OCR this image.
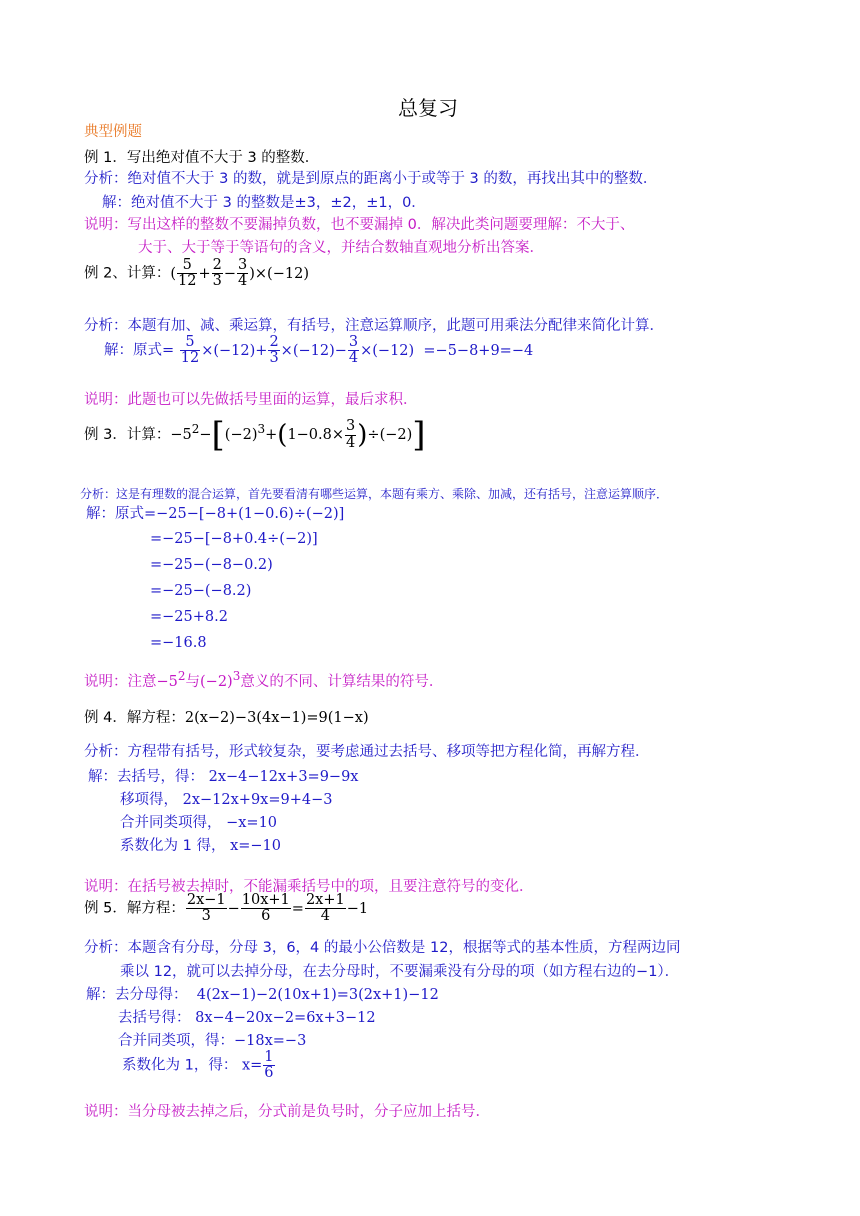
总复习
典型例题
例 1．写出绝对值不大于 3 的整数．
分析：绝对值不大于 3 的数，就是到原点的距离小于或等于 3 的数，再找出其中的整数．
解：绝对值不大于 3 的整数是±3，±2，±1，0．
说明：写出这样的整数不要漏掉负数，也不要漏掉 0．解决此类问题要理解：不大于、
大于、大于等于等语句的含义，并结合数轴直观地分析出答案．
例 2、计算：( $\frac{5}{12} + \frac{2}{3} - \frac{3}{4} )\times(-12)$
分析：本题有加、减、乘运算，有括号，注意运算顺序，此题可用乘法分配律来简化计算．
解：原式= $\frac{5}{12} \times(-12)+ \frac{2}{3} \times(-12)- \frac{3}{4} \times(-12) =-5-8+9=-4$
说明：此题也可以先做括号里面的运算，最后求积．
例 3．计算：$-5^2-[(-2)^3+(1-0.8\times \frac{3}{4} )\div(-2)]$
分析：这是有理数的混合运算，首先要看清有哪些运算，本题有乘方、乘除、加减，还有括号，注意运算顺序．
解：原式=−25−[−8+(1−0.6)÷(−2)]
=−25−[−8+0.4÷(−2)]
=−25−(−8−0.2)
=−25−(−8.2)
=−25+8.2
=−16.8
说明：注意$-5^2$与$(-2)^3$意义的不同、计算结果的符号．
例 4．解方程：2(x−2)−3(4x−1)=9(1−x)
分析：方程带有括号，形式较复杂，要考虑通过去括号、移项等把方程化简，再解方程．
解：去括号，得： 2x−4−12x+3=9−9x
移项得， 2x−12x+9x=9+4−3
合并同类项得， −x=10
系数化为 1 得， x=−10
说明：在括号被去掉时，不能漏乘括号中的项，且要注意符号的变化．
例 5．解方程： $\frac{2x-1}{3} - \frac{10x+1}{6} = \frac{2x+1}{4} -1$
分析：本题含有分母，分母 3，6，4 的最小公倍数是 12，根据等式的基本性质，方程两边同
乘以 12，就可以去掉分母，在去分母时，不要漏乘没有分母的项（如方程右边的−1）．
解：去分母得： 4(2x−1)−2(10x+1)=3(2x+1)−12
去括号得： 8x−4−20x−2=6x+3−12
合并同类项，得：−18x=−3
系数化为 1，得： $x= \frac{1}{6}$
说明：当分母被去掉之后，分式前是负号时，分子应加上括号．
